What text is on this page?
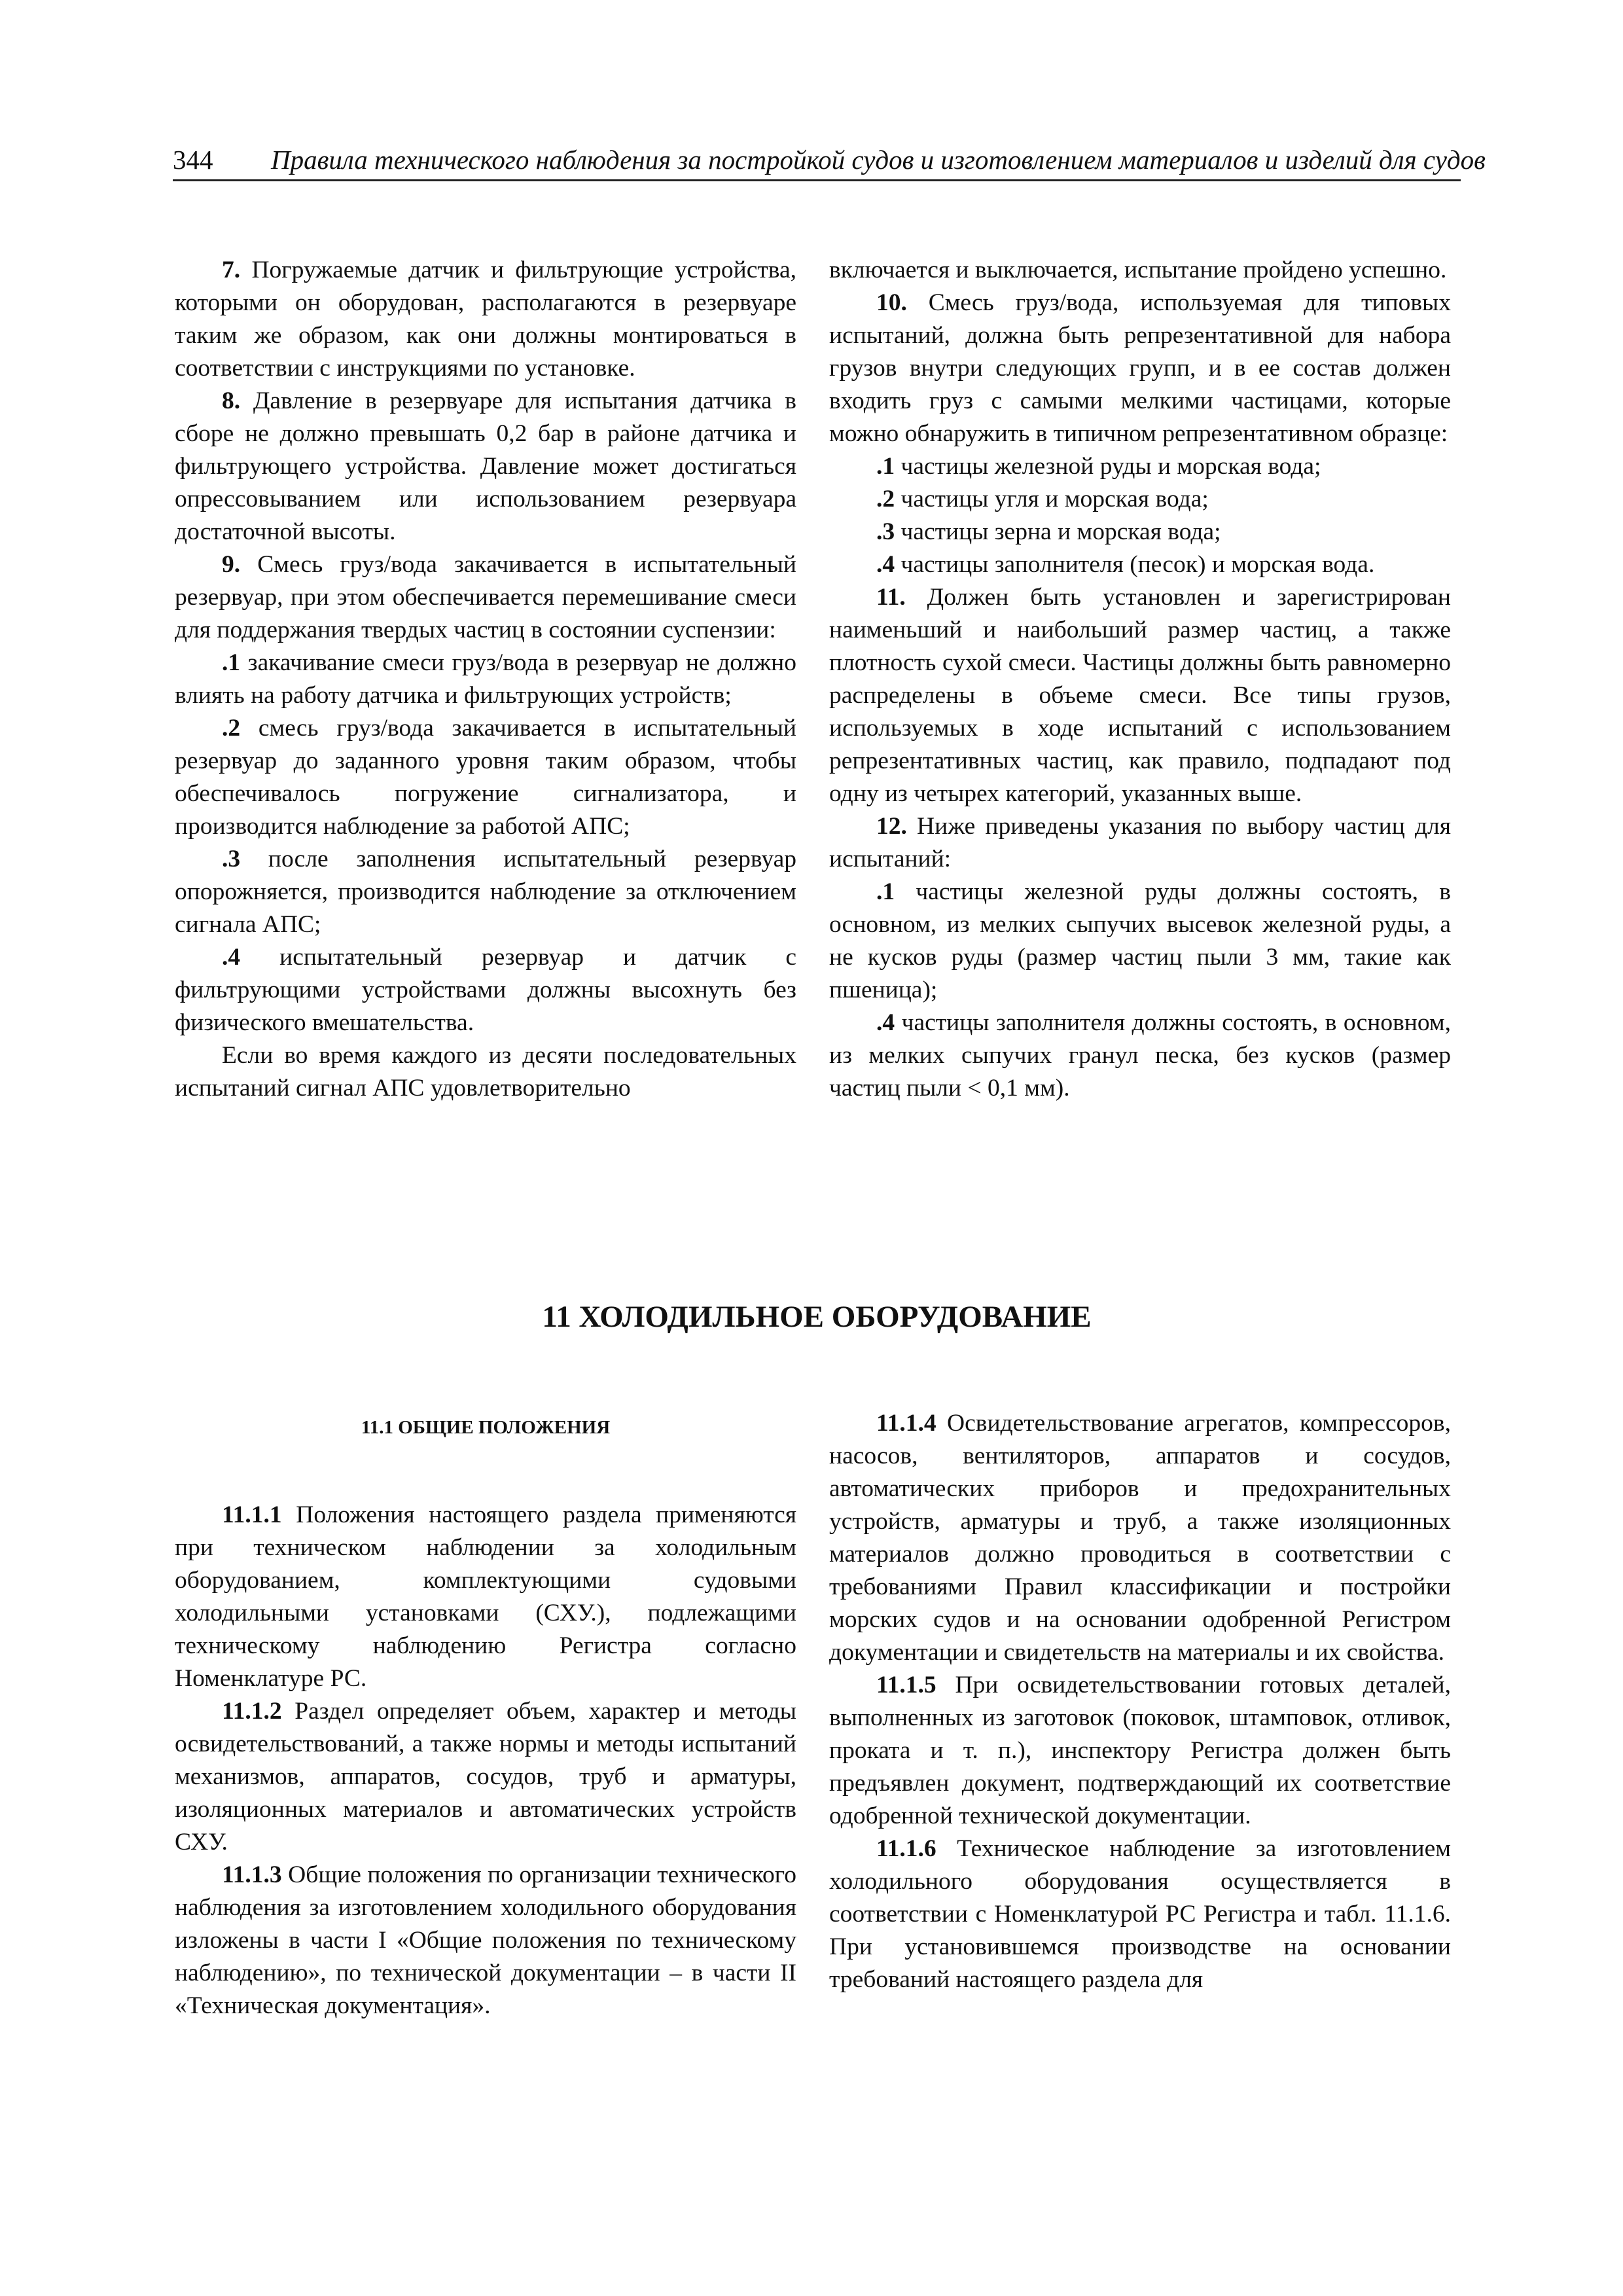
344 Правила технического наблюдения за постройкой судов и изготовлением материалов и изделий для судов

7. Погружаемые датчик и фильтрующие устройства, которыми он оборудован, располагаются в резервуаре таким же образом, как они должны монтироваться в соответствии с инструкциями по установке.

8. Давление в резервуаре для испытания датчика в сборе не должно превышать 0,2 бар в районе датчика и фильтрующего устройства. Давление может достигаться опрессовыванием или использованием резервуара достаточной высоты.

9. Смесь груз/вода закачивается в испытательный резервуар, при этом обеспечивается перемешивание смеси для поддержания твердых частиц в состоянии суспензии:

.1 закачивание смеси груз/вода в резервуар не должно влиять на работу датчика и фильтрующих устройств;

.2 смесь груз/вода закачивается в испытательный резервуар до заданного уровня таким образом, чтобы обеспечивалось погружение сигнализатора, и производится наблюдение за работой АПС;

.3 после заполнения испытательный резервуар опорожняется, производится наблюдение за отключением сигнала АПС;

.4 испытательный резервуар и датчик с фильтрующими устройствами должны высохнуть без физического вмешательства.

Если во время каждого из десяти последовательных испытаний сигнал АПС удовлетворительно

включается и выключается, испытание пройдено успешно.

10. Смесь груз/вода, используемая для типовых испытаний, должна быть репрезентативной для набора грузов внутри следующих групп, и в ее состав должен входить груз с самыми мелкими частицами, которые можно обнаружить в типичном репрезентативном образце:

.1 частицы железной руды и морская вода;

.2 частицы угля и морская вода;

.3 частицы зерна и морская вода;

.4 частицы заполнителя (песок) и морская вода.

11. Должен быть установлен и зарегистрирован наименьший и наибольший размер частиц, а также плотность сухой смеси. Частицы должны быть равномерно распределены в объеме смеси. Все типы грузов, используемых в ходе испытаний с использованием репрезентативных частиц, как правило, подпадают под одну из четырех категорий, указанных выше.

12. Ниже приведены указания по выбору частиц для испытаний:

.1 частицы железной руды должны состоять, в основном, из мелких сыпучих высевок железной руды, а не кусков руды (размер частиц пыли 3 мм, такие как пшеница);

.4 частицы заполнителя должны состоять, в основном, из мелких сыпучих гранул песка, без кусков (размер частиц пыли < 0,1 мм).

11 ХОЛОДИЛЬНОЕ ОБОРУДОВАНИЕ
11.1 ОБЩИЕ ПОЛОЖЕНИЯ

11.1.1 Положения настоящего раздела применяются при техническом наблюдении за холодильным оборудованием, комплектующими судовыми холодильными установками (СХУ.), подлежащими техническому наблюдению Регистра согласно Номенклатуре РС.

11.1.2 Раздел определяет объем, характер и методы освидетельствований, а также нормы и методы испытаний механизмов, аппаратов, сосудов, труб и арматуры, изоляционных материалов и автоматических устройств СХУ.

11.1.3 Общие положения по организации технического наблюдения за изготовлением холодильного оборудования изложены в части I «Общие положения по техническому наблюдению», по технической документации – в части II «Техническая документация».

11.1.4 Освидетельствование агрегатов, компрессоров, насосов, вентиляторов, аппаратов и сосудов, автоматических приборов и предохранительных устройств, арматуры и труб, а также изоляционных материалов должно проводиться в соответствии с требованиями Правил классификации и постройки морских судов и на основании одобренной Регистром документации и свидетельств на материалы и их свойства.

11.1.5 При освидетельствовании готовых деталей, выполненных из заготовок (поковок, штамповок, отливок, проката и т. п.), инспектору Регистра должен быть предъявлен документ, подтверждающий их соответствие одобренной технической документации.

11.1.6 Техническое наблюдение за изготовлением холодильного оборудования осуществляется в соответствии с Номенклатурой РС Регистра и табл. 11.1.6. При установившемся производстве на основании требований настоящего раздела для
